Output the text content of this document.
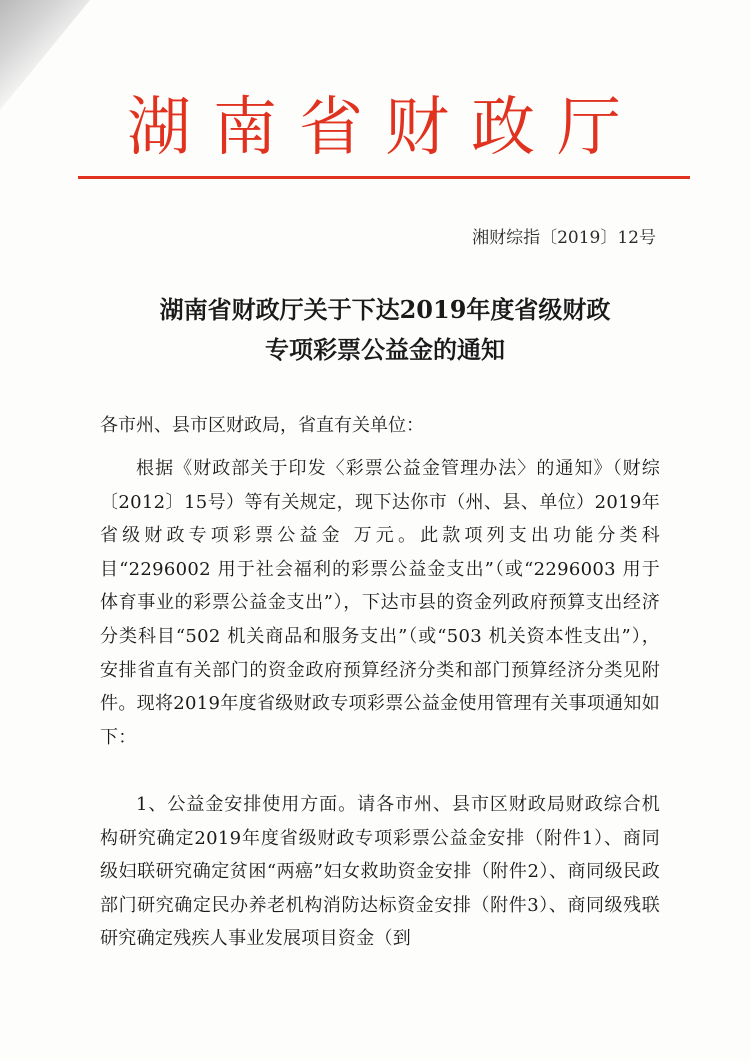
湖南省财政厅
湘财综指〔2019〕12号
湖南省财政厅关于下达2019年度省级财政
专项彩票公益金的通知
各市州、县市区财政局，省直有关单位：
根据《财政部关于印发〈彩票公益金管理办法〉的通知》（财综〔2012〕15号）等有关规定，现下达你市（州、县、单位）2019年省级财政专项彩票公益金 万元。此款项列支出功能分类科目“2296002 用于社会福利的彩票公益金支出”（或“2296003 用于体育事业的彩票公益金支出”），下达市县的资金列政府预算支出经济分类科目“502 机关商品和服务支出”（或“503 机关资本性支出”），安排省直有关部门的资金政府预算经济分类和部门预算经济分类见附件。现将2019年度省级财政专项彩票公益金使用管理有关事项通知如下：
1、公益金安排使用方面。请各市州、县市区财政局财政综合机构研究确定2019年度省级财政专项彩票公益金安排（附件1）、商同级妇联研究确定贫困“两癌”妇女救助资金安排（附件2）、商同级民政部门研究确定民办养老机构消防达标资金安排（附件3）、商同级残联研究确定残疾人事业发展项目资金（到
